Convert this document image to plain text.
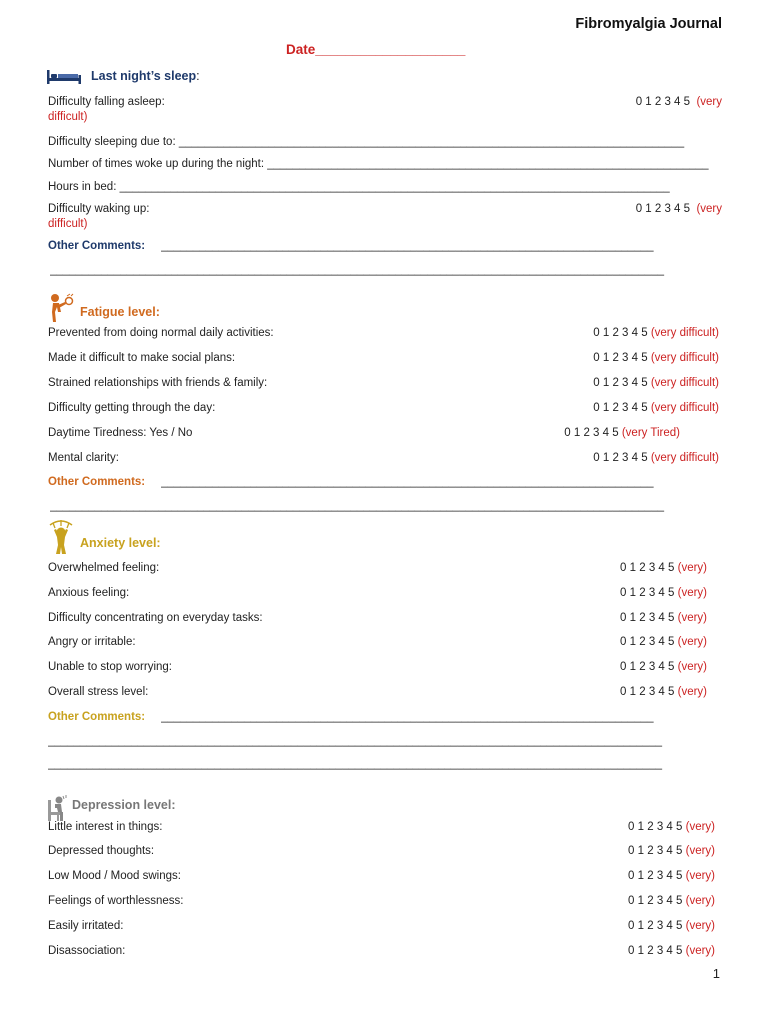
Fibromyalgia Journal
Date____________________
Last night’s sleep:
Difficulty falling asleep:	0 1 2 3 4 5 (very
difficult)
Difficulty sleeping due to: _______________________________________________________________________________
Number of times woke up during the night: _____________________________________________________________________
Hours in bed: ______________________________________________________________________________________
Difficulty waking up:	0 1 2 3 4 5 (very
difficult)
Other Comments: _____________________________________________________________________________
________________________________________________________________________________________________
Fatigue level:
Prevented from doing normal daily activities:	0 1 2 3 4 5 (very difficult)
Made it difficult to make social plans:	0 1 2 3 4 5 (very difficult)
Strained relationships with friends & family:	0 1 2 3 4 5 (very difficult)
Difficulty getting through the day:	0 1 2 3 4 5 (very difficult)
Daytime Tiredness: Yes / No	0 1 2 3 4 5 (very Tired)
Mental clarity:	0 1 2 3 4 5 (very difficult)
Other Comments: _____________________________________________________________________________
________________________________________________________________________________________________
Anxiety level:
Overwhelmed feeling:	0 1 2 3 4 5 (very)
Anxious feeling:	0 1 2 3 4 5 (very)
Difficulty concentrating on everyday tasks:	0 1 2 3 4 5 (very)
Angry or irritable:	0 1 2 3 4 5 (very)
Unable to stop worrying:	0 1 2 3 4 5 (very)
Overall stress level:	0 1 2 3 4 5 (very)
Other Comments: _____________________________________________________________________________
________________________________________________________________________________________________
________________________________________________________________________________________________
Depression level:
Little interest in things:	0 1 2 3 4 5 (very)
Depressed thoughts:	0 1 2 3 4 5 (very)
Low Mood / Mood swings:	0 1 2 3 4 5 (very)
Feelings of worthlessness:	0 1 2 3 4 5 (very)
Easily irritated:	0 1 2 3 4 5 (very)
Disassociation:	0 1 2 3 4 5 (very)
1
